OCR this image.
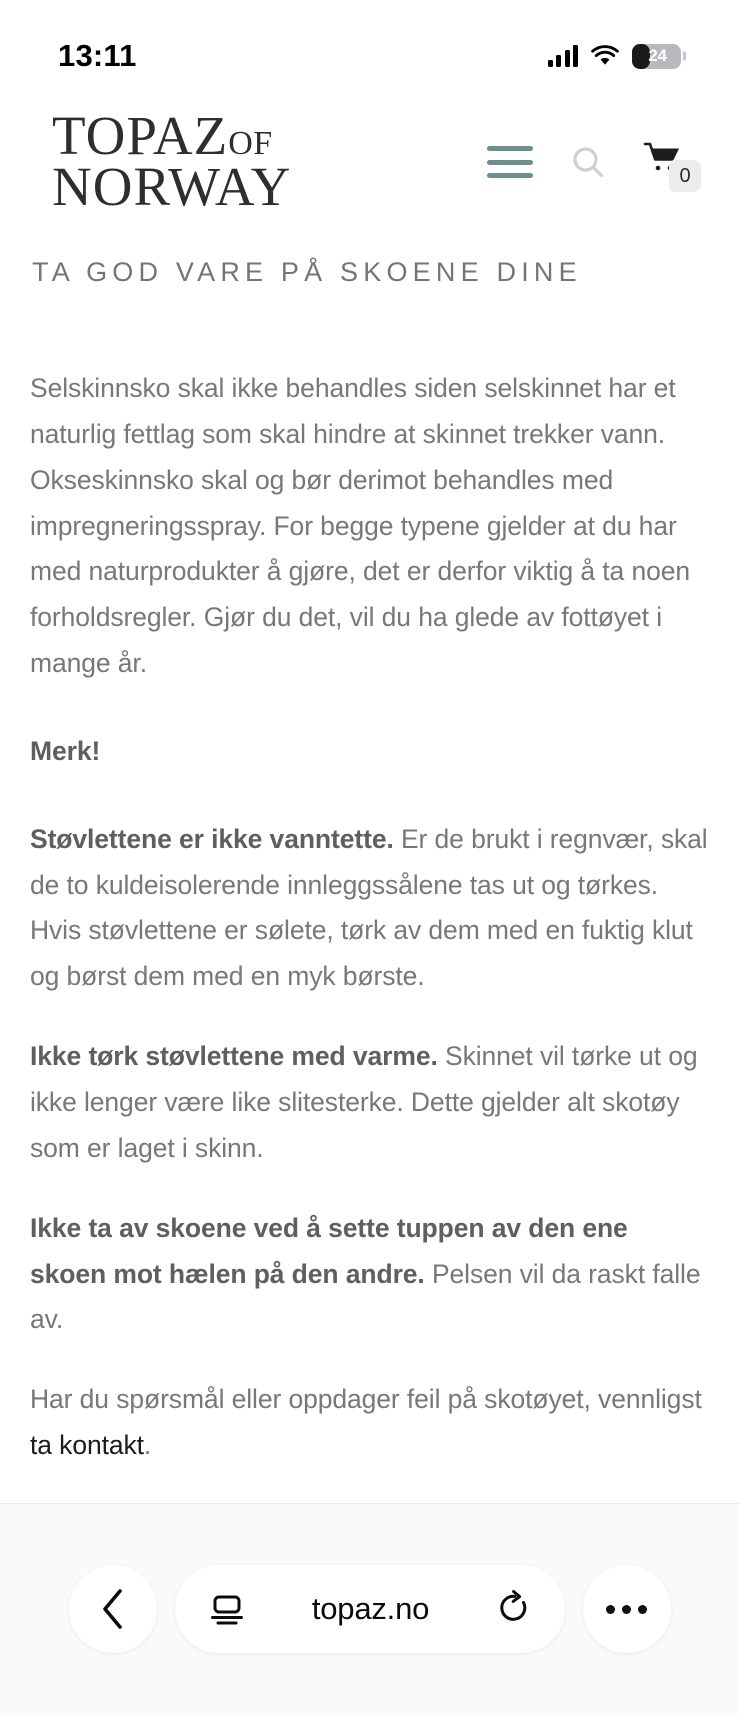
13:11	24
TOPAZOF
NORWAY	0
TA GOD VARE PÅ SKOENE DINE

Selskinnsko skal ikke behandles siden selskinnet har et naturlig fettlag som skal hindre at skinnet trekker vann. Okseskinnsko skal og bør derimot behandles med impregneringsspray. For begge typene gjelder at du har med naturprodukter å gjøre, det er derfor viktig å ta noen forholdsregler. Gjør du det, vil du ha glede av fottøyet i mange år.

Merk!

Støvlettene er ikke vanntette. Er de brukt i regnvær, skal de to kuldeisolerende innleggssålene tas ut og tørkes. Hvis støvlettene er sølete, tørk av dem med en fuktig klut og børst dem med en myk børste.

Ikke tørk støvlettene med varme. Skinnet vil tørke ut og ikke lenger være like slitesterke. Dette gjelder alt skotøy som er laget i skinn.

Ikke ta av skoene ved å sette tuppen av den ene skoen mot hælen på den andre. Pelsen vil da raskt falle av.

Har du spørsmål eller oppdager feil på skotøyet, vennligst ta kontakt.

topaz.no
